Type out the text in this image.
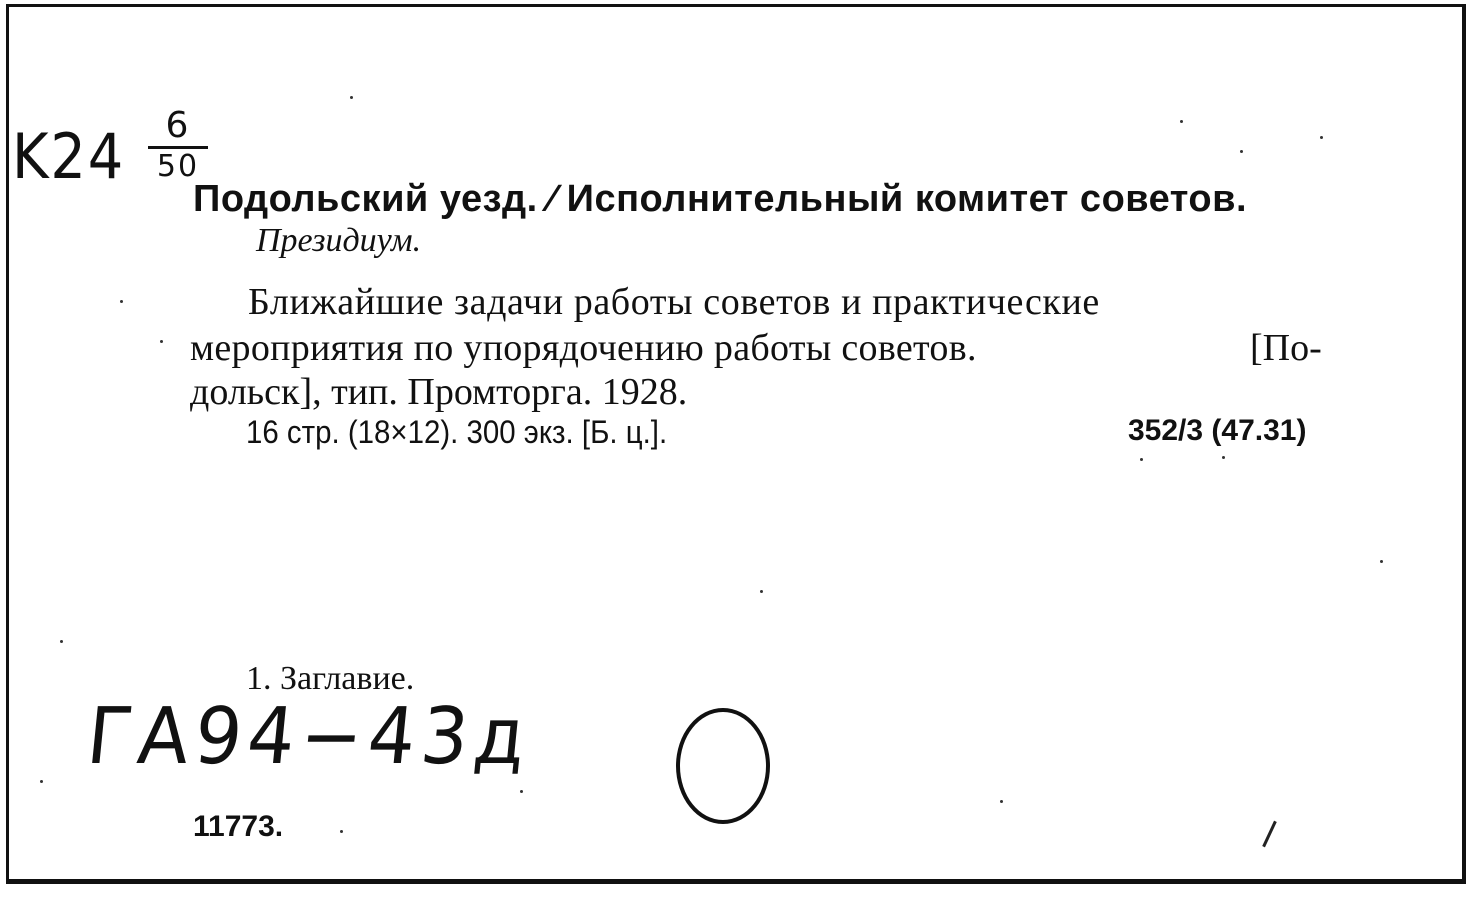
K24	6
50
Подольский уезд. ⁄ Исполнительный комитет советов.
Президиум.
Ближайшие задачи работы советов и практические
мероприятия по упорядочению работы советов.	[По-
дольск], тип. Промторга. 1928.
16 стр. (18×12). 300 экз. [Б. ц.].	352/3 (47.31)
1. Заглавие.
ГА94−43д
11773.
